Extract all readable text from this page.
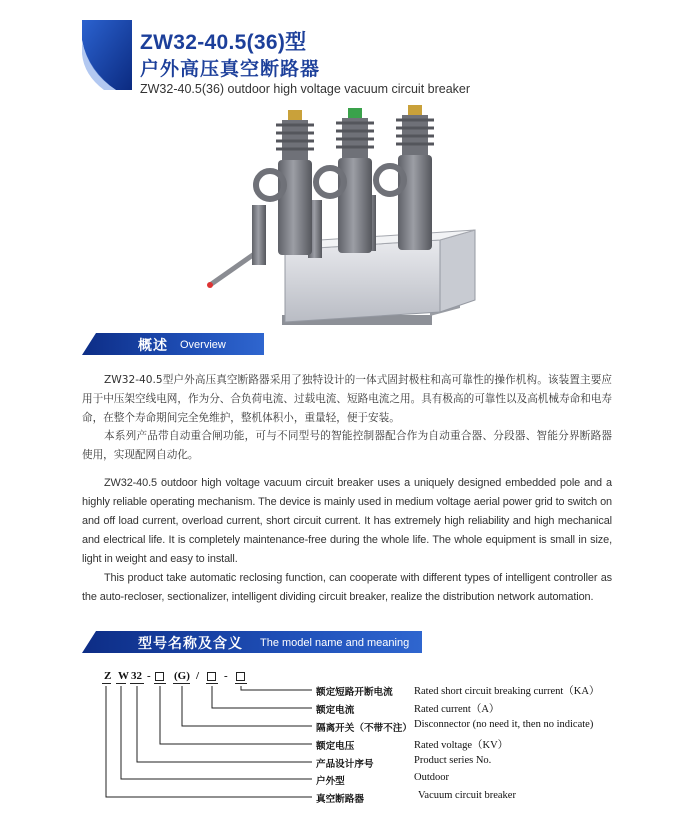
ZW32-40.5(36)型
户外高压真空断路器
ZW32-40.5(36) outdoor high voltage vacuum circuit breaker
概述 Overview
ZW32-40.5型户外高压真空断路器采用了独特设计的一体式固封极柱和高可靠性的操作机构。该装置主要应用于中压架空线电网，作为分、合负荷电流、过载电流、短路电流之用。具有极高的可靠性以及高机械寿命和电寿命，在整个寿命期间完全免维护，整机体积小，重量轻，便于安装。
本系列产品带自动重合闸功能，可与不同型号的智能控制器配合作为自动重合器、分段器、智能分界断路器使用，实现配网自动化。
ZW32-40.5 outdoor high voltage vacuum circuit breaker uses a uniquely designed embedded pole and a highly reliable operating mechanism. The device is mainly used in medium voltage aerial power grid to switch on and off load current, overload current, short circuit current. It has extremely high reliability and high mechanical and electrical life. It is completely maintenance-free during the whole life. The whole equipment is small in size, light in weight and easy to install.
This product take automatic reclosing function, can cooperate with different types of intelligent controller as the auto-recloser, sectionalizer, intelligent dividing circuit breaker, realize the distribution network automation.
型号名称及含义 The model name and meaning
Z W 32 - (G) / -
额定短路开断电流 Rated short circuit breaking current（KA）
额定电流	Rated current（A）
隔离开关（不带不注） Disconnector (no need it, then no indicate)
额定电压	Rated voltage（KV）
产品设计序号	Product series No.
户外型	Outdoor
真空断路器	Vacuum circuit breaker
